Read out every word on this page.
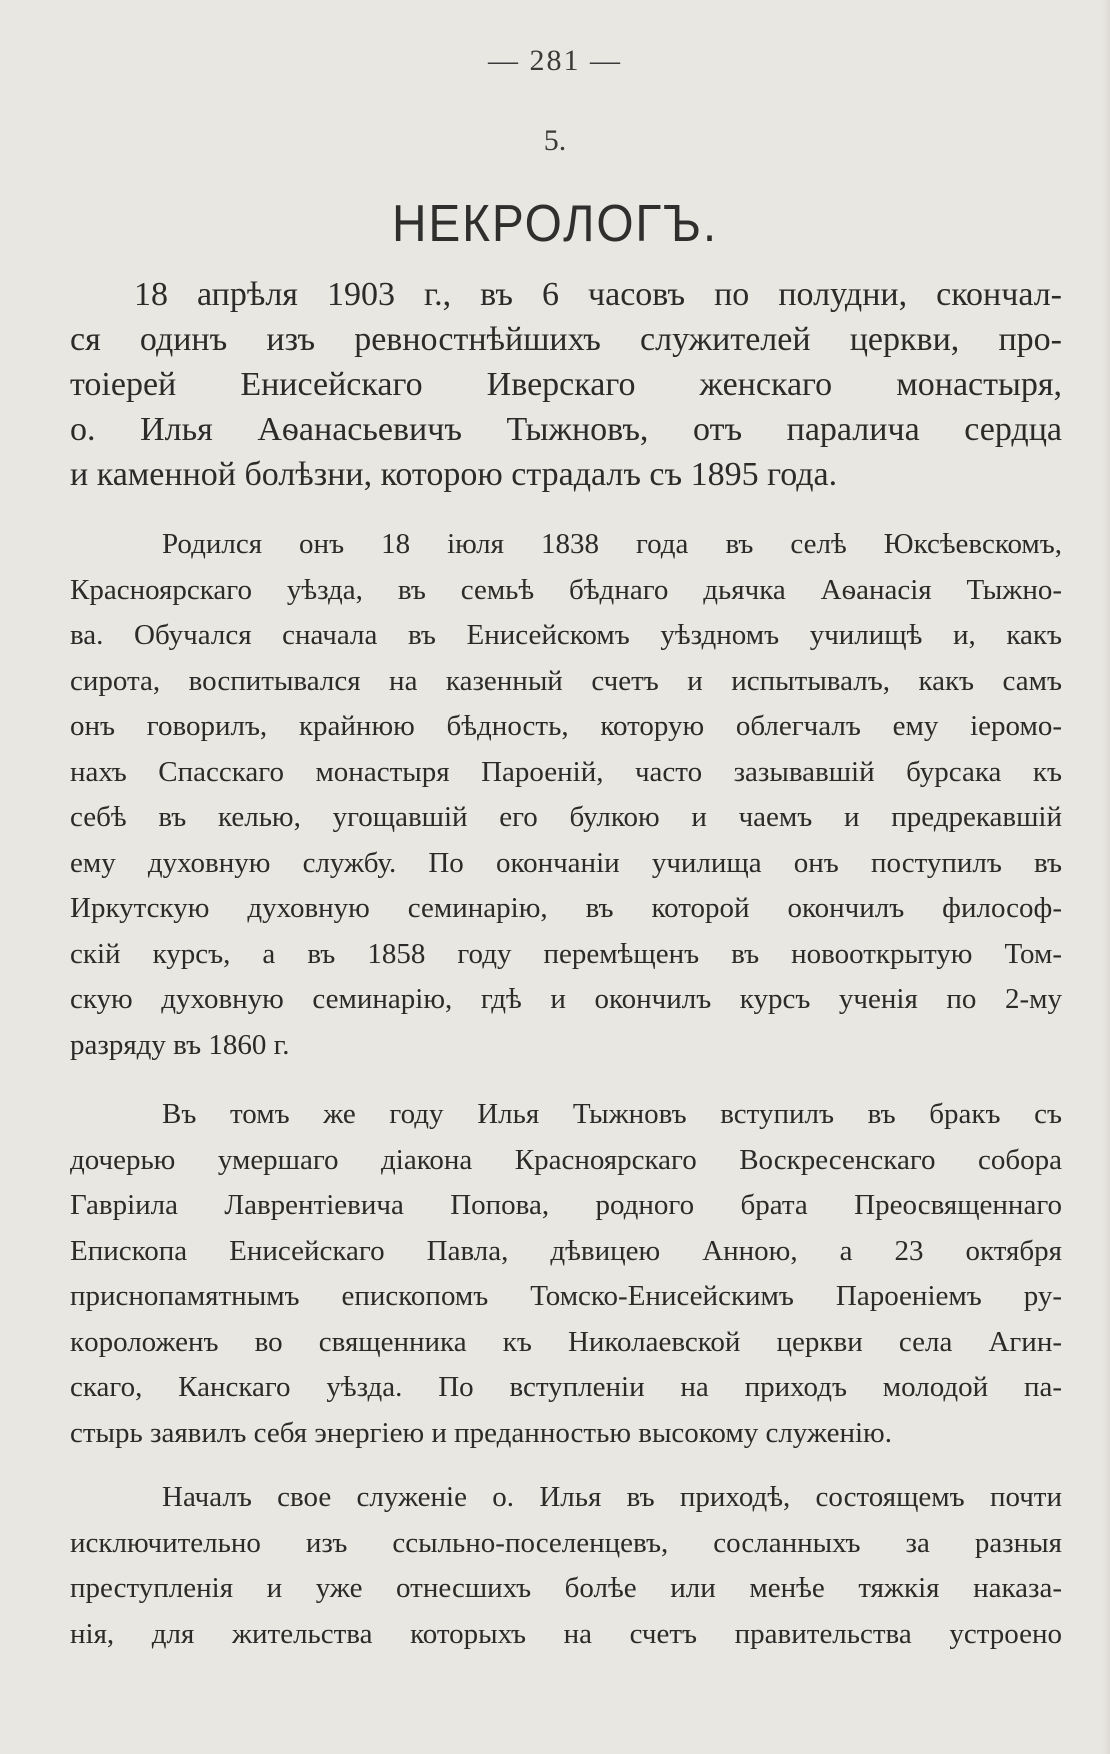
— 281 —
5.
НЕКРОЛОГЪ.
18 апрѣля 1903 г., въ 6 часовъ по полудни, скончал-
ся одинъ изъ ревностнѣйшихъ служителей церкви, про-
тоіерей Енисейскаго Иверскаго женскаго монастыря,
о. Илья Аѳанасьевичъ Тыжновъ, отъ паралича сердца
и каменной болѣзни, которою страдалъ съ 1895 года.
Родился онъ 18 іюля 1838 года въ селѣ Юксѣевскомъ,
Красноярскаго уѣзда, въ семьѣ бѣднаго дьячка Аѳанасія Тыжно-
ва. Обучался сначала въ Енисейскомъ уѣздномъ училищѣ и, какъ
сирота, воспитывался на казенный счетъ и испытывалъ, какъ самъ
онъ говорилъ, крайнюю бѣдность, которую облегчалъ ему іеромо-
нахъ Спасскаго монастыря Пароеній, часто зазывавшій бурсака къ
себѣ въ келью, угощавшій его булкою и чаемъ и предрекавшій
ему духовную службу. По окончаніи училища онъ поступилъ въ
Иркутскую духовную семинарію, въ которой окончилъ философ-
скій курсъ, а въ 1858 году перемѣщенъ въ новооткрытую Том-
скую духовную семинарію, гдѣ и окончилъ курсъ ученія по 2-му
разряду въ 1860 г.
Въ томъ же году Илья Тыжновъ вступилъ въ бракъ съ
дочерью умершаго діакона Красноярскаго Воскресенскаго собора
Гавріила Лаврентіевича Попова, родного брата Преосвященнаго
Епископа Енисейскаго Павла, дѣвицею Анною, а 23 октября
приснопамятнымъ епископомъ Томско-Енисейскимъ Пароеніемъ ру-
кopоложенъ во священника къ Николаевской церкви села Агин-
скаго, Канскаго уѣзда. По вступленіи на приходъ молодой па-
стырь заявилъ себя энергіею и преданностью высокому служенію.
Началъ свое служеніе о. Илья въ приходѣ, состоящемъ почти
исключительно изъ ссыльно-поселенцевъ, сосланныхъ за разныя
преступленія и уже отнесшихъ болѣе или менѣе тяжкія наказа-
нія, для жительства которыхъ на счетъ правительства устроено
